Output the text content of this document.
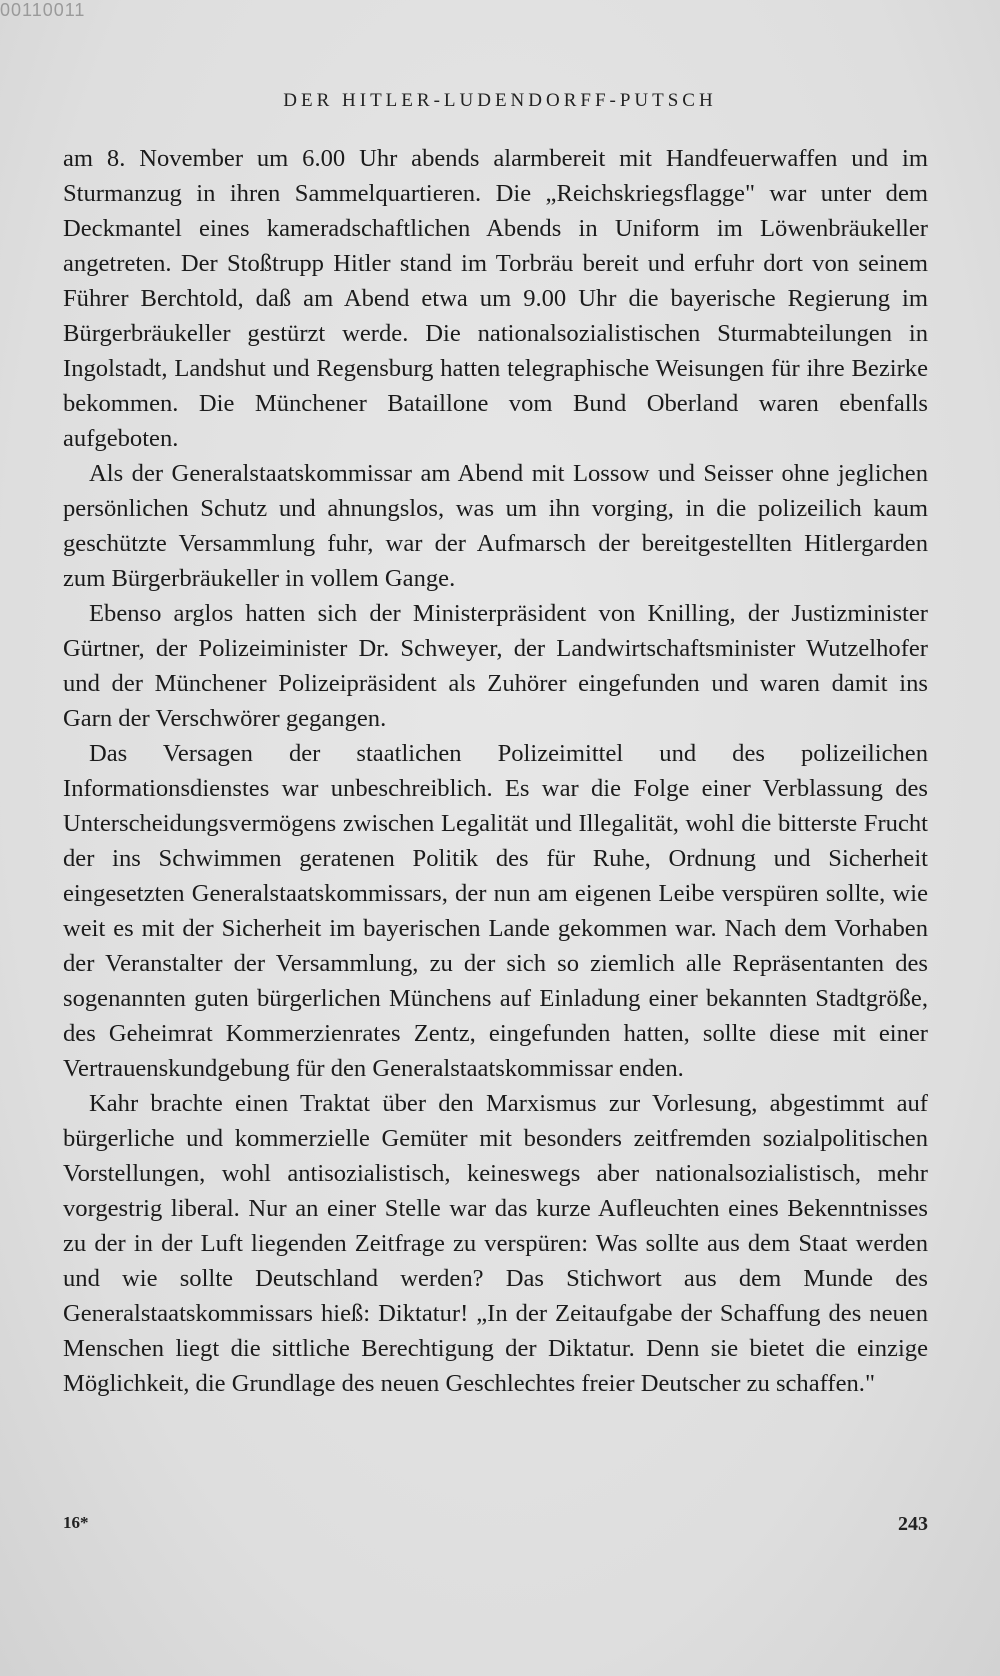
00110011
DER HITLER-LUDENDORFF-PUTSCH

am 8. November um 6.00 Uhr abends alarmbereit mit Handfeuerwaffen und im Sturmanzug in ihren Sammelquartieren. Die „Reichskriegsflagge" war unter dem Deckmantel eines kameradschaftlichen Abends in Uniform im Löwenbräukeller angetreten. Der Stoßtrupp Hitler stand im Torbräu bereit und erfuhr dort von seinem Führer Berchtold, daß am Abend etwa um 9.00 Uhr die bayerische Regierung im Bürgerbräukeller gestürzt werde. Die nationalsozialistischen Sturmabteilungen in Ingolstadt, Landshut und Regensburg hatten telegraphische Weisungen für ihre Bezirke bekommen. Die Münchener Bataillone vom Bund Oberland waren ebenfalls aufgeboten.

Als der Generalstaatskommissar am Abend mit Lossow und Seisser ohne jeglichen persönlichen Schutz und ahnungslos, was um ihn vorging, in die polizeilich kaum geschützte Versammlung fuhr, war der Aufmarsch der bereitgestellten Hitlergarden zum Bürgerbräukeller in vollem Gange.

Ebenso arglos hatten sich der Ministerpräsident von Knilling, der Justizminister Gürtner, der Polizeiminister Dr. Schweyer, der Landwirtschaftsminister Wutzelhofer und der Münchener Polizeipräsident als Zuhörer eingefunden und waren damit ins Garn der Verschwörer gegangen.

Das Versagen der staatlichen Polizeimittel und des polizeilichen Informationsdienstes war unbeschreiblich. Es war die Folge einer Verblassung des Unterscheidungsvermögens zwischen Legalität und Illegalität, wohl die bitterste Frucht der ins Schwimmen geratenen Politik des für Ruhe, Ordnung und Sicherheit eingesetzten Generalstaatskommissars, der nun am eigenen Leibe verspüren sollte, wie weit es mit der Sicherheit im bayerischen Lande gekommen war. Nach dem Vorhaben der Veranstalter der Versammlung, zu der sich so ziemlich alle Repräsentanten des sogenannten guten bürgerlichen Münchens auf Einladung einer bekannten Stadtgröße, des Geheimrat Kommerzienrates Zentz, eingefunden hatten, sollte diese mit einer Vertrauenskundgebung für den Generalstaatskommissar enden.

Kahr brachte einen Traktat über den Marxismus zur Vorlesung, abgestimmt auf bürgerliche und kommerzielle Gemüter mit besonders zeitfremden sozialpolitischen Vorstellungen, wohl antisozialistisch, keineswegs aber nationalsozialistisch, mehr vorgestrig liberal. Nur an einer Stelle war das kurze Aufleuchten eines Bekenntnisses zu der in der Luft liegenden Zeitfrage zu verspüren: Was sollte aus dem Staat werden und wie sollte Deutschland werden? Das Stichwort aus dem Munde des Generalstaatskommissars hieß: Diktatur! „In der Zeitaufgabe der Schaffung des neuen Menschen liegt die sittliche Berechtigung der Diktatur. Denn sie bietet die einzige Möglichkeit, die Grundlage des neuen Geschlechtes freier Deutscher zu schaffen."

16*	243
